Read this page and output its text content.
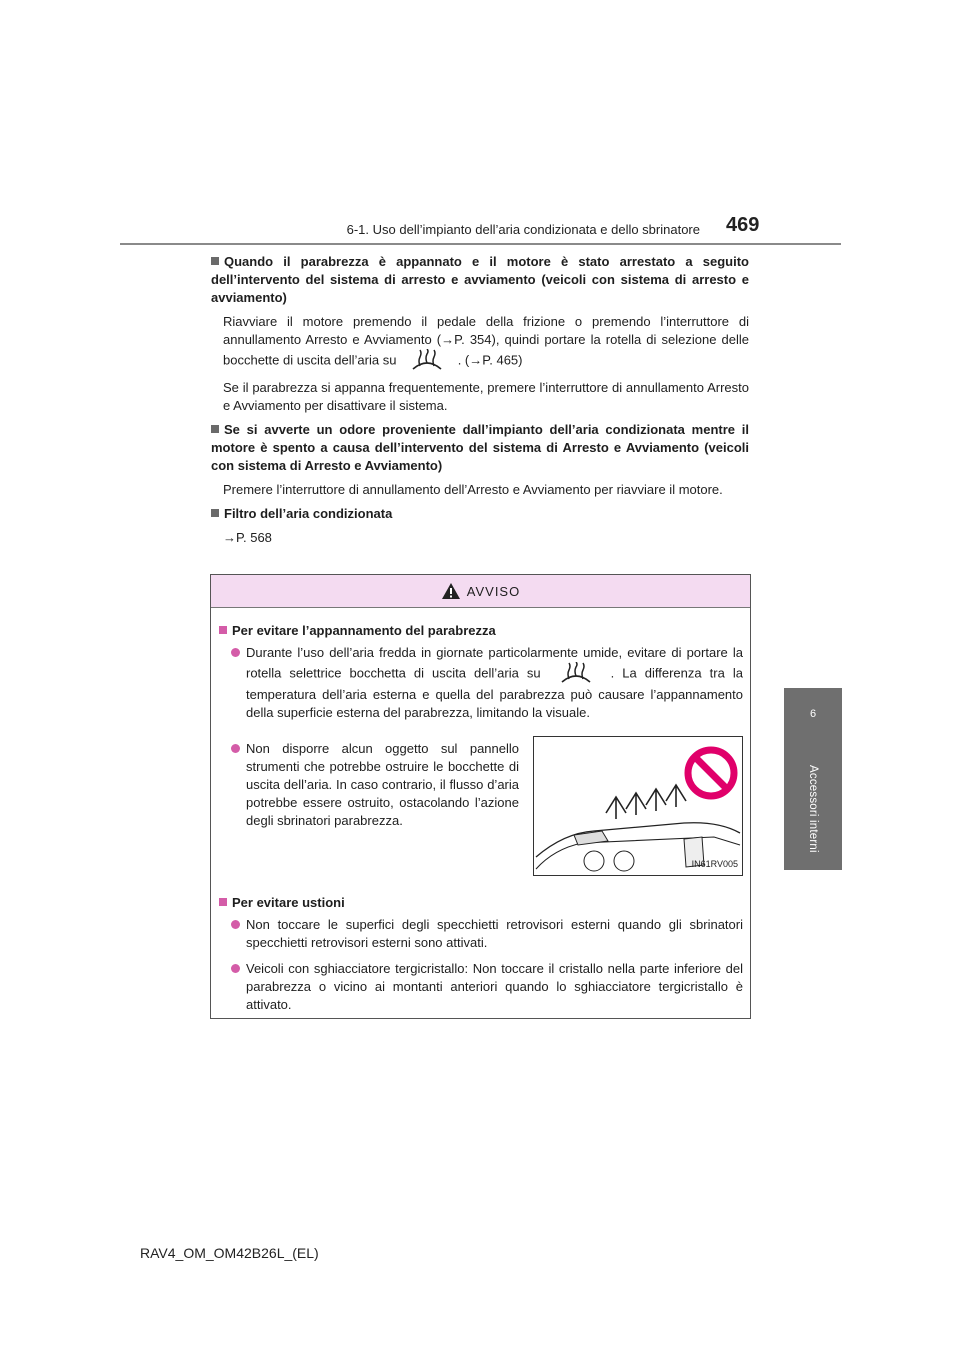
6-1. Uso dell’impianto dell’aria condizionata e dello sbrinatore 469
6
Accessori interni

Quando il parabrezza è appannato e il motore è stato arrestato a seguito dell’intervento del sistema di arresto e avviamento (veicoli con sistema di arresto e avviamento)

Riavviare il motore premendo il pedale della frizione o premendo l’interruttore di annullamento Arresto e Avviamento (→P. 354), quindi portare la rotella di selezione delle bocchette di uscita dell’aria su	. (→P. 465)

Se il parabrezza si appanna frequentemente, premere l’interruttore di annullamento Arresto e Avviamento per disattivare il sistema.

Se si avverte un odore proveniente dall’impianto dell’aria condizionata mentre il motore è spento a causa dell’intervento del sistema di Arresto e Avviamento (veicoli con sistema di Arresto e Avviamento)

Premere l’interruttore di annullamento dell’Arresto e Avviamento per riavviare il motore.

Filtro dell’aria condizionata

→P. 568

AVVISO

Per evitare l’appannamento del parabrezza

Durante l’uso dell’aria fredda in giornate particolarmente umide, evitare di portare la rotella selettrice bocchetta di uscita dell’aria su	. La differenza tra la temperatura dell’aria esterna e quella del parabrezza può causare l’appannamento della superficie esterna del parabrezza, limitando la visuale.
Non disporre alcun oggetto sul pannello strumenti che potrebbe ostruire le bocchette di uscita dell’aria. In caso contrario, il flusso d’aria potrebbe essere ostruito, ostacolando l’azione degli sbrinatori parabrezza.
IN61RV005

Per evitare ustioni

Non toccare le superfici degli specchietti retrovisori esterni quando gli sbrinatori specchietti retrovisori esterni sono attivati.
Veicoli con sghiacciatore tergicristallo: Non toccare il cristallo nella parte inferiore del parabrezza o vicino ai montanti anteriori quando lo sghiacciatore tergicristallo è attivato.
RAV4_OM_OM42B26L_(EL)
